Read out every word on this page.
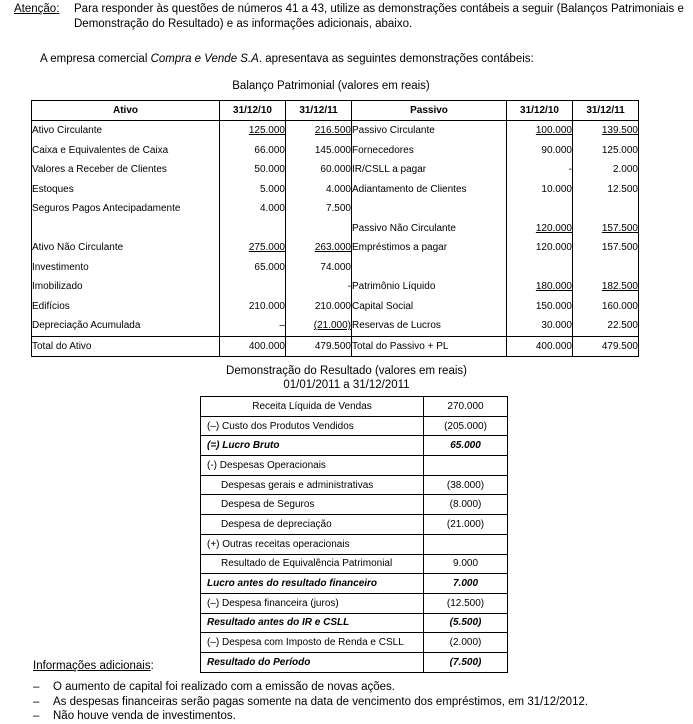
Atenção:	Para responder às questões de números 41 a 43, utilize as demonstrações contábeis a seguir (Balanços Patrimoniais e Demonstração do Resultado) e as informações adicionais, abaixo.
A empresa comercial Compra e Vende S.A. apresentava as seguintes demonstrações contábeis:
Balanço Patrimonial (valores em reais)
Ativo	31/12/10	31/12/11	Passivo	31/12/10	31/12/11
Ativo Circulante	125.000	216.500	Passivo Circulante	100.000	139.500
Caixa e Equivalentes de Caixa	66.000	145.000	Fornecedores	90.000	125.000
Valores a Receber de Clientes	50.000	60.000	IR/CSLL a pagar	-	2.000
Estoques	5.000	4.000	Adiantamento de Clientes	10.000	12.500
Seguros Pagos Antecipadamente	4.000	7.500			
			Passivo Não Circulante	120.000	157.500
Ativo Não Circulante	275.000	263.000	Empréstimos a pagar	120.000	157.500
Investimento	65.000	74.000			
Imobilizado		-	Patrimônio Líquido	180.000	182.500
Edifícios	210.000	210.000	Capital Social	150.000	160.000
Depreciação Acumulada	–	(21.000)	Reservas de Lucros	30.000	22.500
Total do Ativo	400.000	479.500	Total do Passivo + PL	400.000	479.500
Demonstração do Resultado (valores em reais)
01/01/2011 a 31/12/2011
Receita Líquida de Vendas	270.000
(–) Custo dos Produtos Vendidos	(205.000)
(=) Lucro Bruto	65.000
(-) Despesas Operacionais	
Despesas gerais e administrativas	(38.000)
Despesa de Seguros	(8.000)
Despesa de depreciação	(21.000)
(+) Outras receitas operacionais	
Resultado de Equivalência Patrimonial	9.000
Lucro antes do resultado financeiro	7.000
(–) Despesa financeira (juros)	(12.500)
Resultado antes do IR e CSLL	(5.500)
(–) Despesa com Imposto de Renda e CSLL	(2.000)
Resultado do Período	(7.500)
Informações adicionais:
–	O aumento de capital foi realizado com a emissão de novas ações.
–	As despesas financeiras serão pagas somente na data de vencimento dos empréstimos, em 31/12/2012.
–	Não houve venda de investimentos.
